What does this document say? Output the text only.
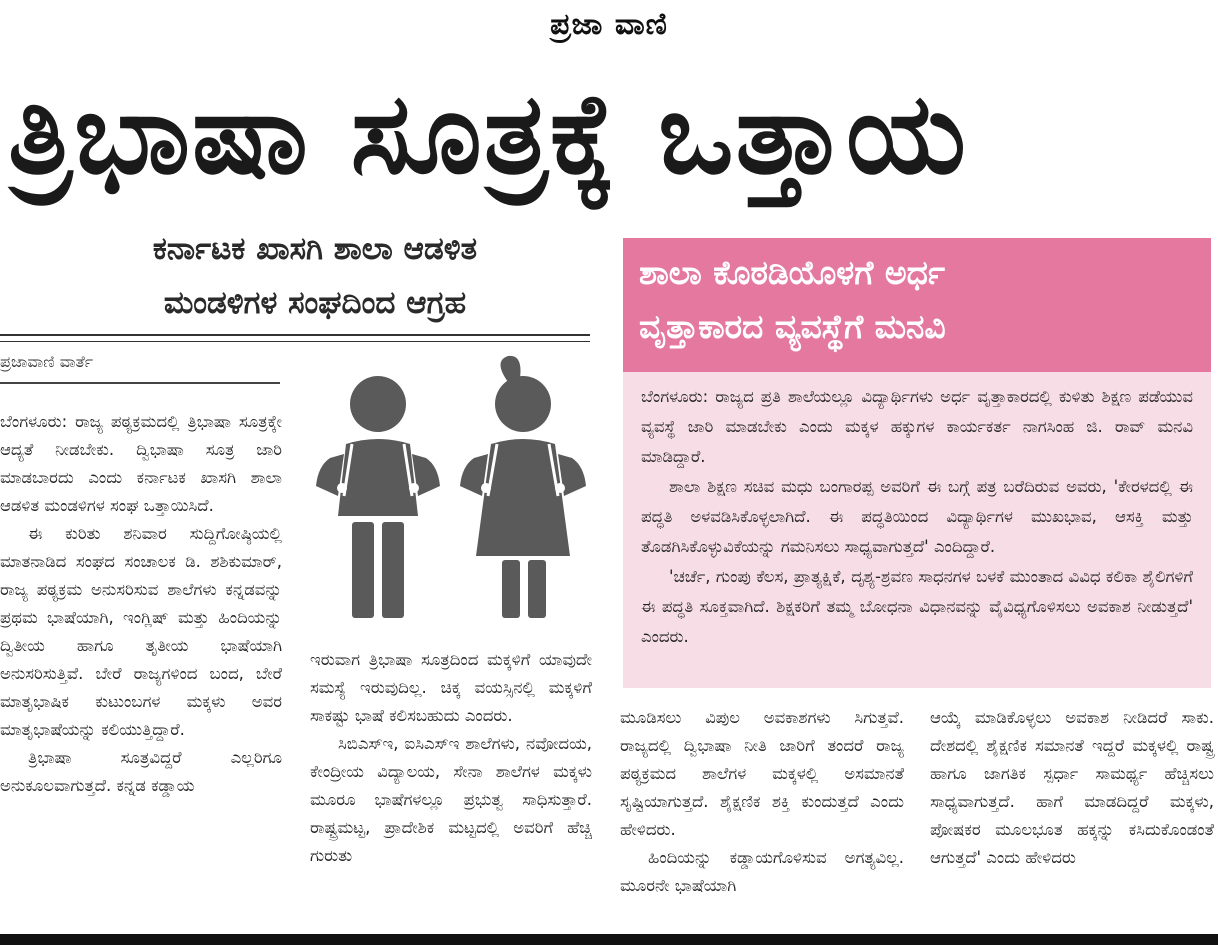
ಪ್ರಜಾ ವಾಣಿ
ತ್ರಿಭಾಷಾ ಸೂತ್ರಕ್ಕೆ ಒತ್ತಾಯ
ಕರ್ನಾಟಕ ಖಾಸಗಿ ಶಾಲಾ ಆಡಳಿತ
ಮಂಡಳಿಗಳ ಸಂಘದಿಂದ ಆಗ್ರಹ
ಪ್ರಜಾವಾಣಿ ವಾರ್ತೆ

ಬೆಂಗಳೂರು: ರಾಜ್ಯ ಪಠ್ಯಕ್ರಮದಲ್ಲಿ ತ್ರಿಭಾಷಾ ಸೂತ್ರಕ್ಕೇ ಆದ್ಯತೆ ನೀಡಬೇಕು. ದ್ವಿಭಾಷಾ ಸೂತ್ರ ಜಾರಿ ಮಾಡಬಾರದು ಎಂದು ಕರ್ನಾಟಕ ಖಾಸಗಿ ಶಾಲಾ ಆಡಳಿತ ಮಂಡಳಿಗಳ ಸಂಘ ಒತ್ತಾಯಿಸಿದೆ.

ಈ ಕುರಿತು ಶನಿವಾರ ಸುದ್ದಿಗೋಷ್ಠಿಯಲ್ಲಿ ಮಾತನಾಡಿದ ಸಂಘದ ಸಂಚಾಲಕ ಡಿ. ಶಶಿಕುಮಾರ್, ರಾಜ್ಯ ಪಠ್ಯಕ್ರಮ ಅನುಸರಿಸುವ ಶಾಲೆಗಳು ಕನ್ನಡವನ್ನು ಪ್ರಥಮ ಭಾಷೆಯಾಗಿ, ಇಂಗ್ಲಿಷ್ ಮತ್ತು ಹಿಂದಿಯನ್ನು ದ್ವಿತೀಯ ಹಾಗೂ ತೃತೀಯ ಭಾಷೆಯಾಗಿ ಅನುಸರಿಸುತ್ತಿವೆ. ಬೇರೆ ರಾಜ್ಯಗಳಿಂದ ಬಂದ, ಬೇರೆ ಮಾತೃಭಾಷಿಕ ಕುಟುಂಬಗಳ ಮಕ್ಕಳು ಅವರ ಮಾತೃಭಾಷೆಯನ್ನು ಕಲಿಯುತ್ತಿದ್ದಾರೆ.

ತ್ರಿಭಾಷಾ ಸೂತ್ರವಿದ್ದರೆ ಎಲ್ಲರಿಗೂ ಅನುಕೂಲವಾಗುತ್ತದೆ. ಕನ್ನಡ ಕಡ್ಡಾಯ

ಇರುವಾಗ ತ್ರಿಭಾಷಾ ಸೂತ್ರದಿಂದ ಮಕ್ಕಳಿಗೆ ಯಾವುದೇ ಸಮಸ್ಯೆ ಇರುವುದಿಲ್ಲ. ಚಿಕ್ಕ ವಯಸ್ಸಿನಲ್ಲಿ ಮಕ್ಕಳಿಗೆ ಸಾಕಷ್ಟು ಭಾಷೆ ಕಲಿಸಬಹುದು ಎಂದರು.

ಸಿಬಿಎಸ್‌ಇ, ಐಸಿಎಸ್‌ಇ ಶಾಲೆಗಳು, ನವೋದಯ, ಕೇಂದ್ರೀಯ ವಿದ್ಯಾಲಯ, ಸೇನಾ ಶಾಲೆಗಳ ಮಕ್ಕಳು ಮೂರೂ ಭಾಷೆಗಳಲ್ಲೂ ಪ್ರಭುತ್ವ ಸಾಧಿಸುತ್ತಾರೆ. ರಾಷ್ಟ್ರಮಟ್ಟ, ಪ್ರಾದೇಶಿಕ ಮಟ್ಟದಲ್ಲಿ ಅವರಿಗೆ ಹೆಚ್ಚಿ ಗುರುತು

ಶಾಲಾ ಕೊಠಡಿಯೊಳಗೆ ಅರ್ಧ
ವೃತ್ತಾಕಾರದ ವ್ಯವಸ್ಥೆಗೆ ಮನವಿ

ಬೆಂಗಳೂರು: ರಾಜ್ಯದ ಪ್ರತಿ ಶಾಲೆಯಲ್ಲೂ ವಿದ್ಯಾರ್ಥಿಗಳು ಅರ್ಧ ವೃತ್ತಾಕಾರದಲ್ಲಿ ಕುಳಿತು ಶಿಕ್ಷಣ ಪಡೆಯುವ ವ್ಯವಸ್ಥೆ ಜಾರಿ ಮಾಡಬೇಕು ಎಂದು ಮಕ್ಕಳ ಹಕ್ಕುಗಳ ಕಾರ್ಯಕರ್ತ ನಾಗಸಿಂಹ ಜಿ. ರಾವ್ ಮನವಿ ಮಾಡಿದ್ದಾರೆ.

ಶಾಲಾ ಶಿಕ್ಷಣ ಸಚಿವ ಮಧು ಬಂಗಾರಪ್ಪ ಅವರಿಗೆ ಈ ಬಗ್ಗೆ ಪತ್ರ ಬರೆದಿರುವ ಅವರು, 'ಕೇರಳದಲ್ಲಿ ಈ ಪದ್ಧತಿ ಅಳವಡಿಸಿಕೊಳ್ಳಲಾಗಿದೆ. ಈ ಪದ್ಧತಿಯಿಂದ ವಿದ್ಯಾರ್ಥಿಗಳ ಮುಖಭಾವ, ಆಸಕ್ತಿ ಮತ್ತು ತೊಡಗಿಸಿಕೊಳ್ಳುವಿಕೆಯನ್ನು ಗಮನಿಸಲು ಸಾಧ್ಯವಾಗುತ್ತದೆ' ಎಂದಿದ್ದಾರೆ.

'ಚರ್ಚೆ, ಗುಂಪು ಕೆಲಸ, ಪ್ರಾತ್ಯಕ್ಷಿಕೆ, ದೃಶ್ಯ-ಶ್ರವಣ ಸಾಧನಗಳ ಬಳಕೆ ಮುಂತಾದ ವಿವಿಧ ಕಲಿಕಾ ಶೈಲಿಗಳಿಗೆ ಈ ಪದ್ಧತಿ ಸೂಕ್ತವಾಗಿದೆ. ಶಿಕ್ಷಕರಿಗೆ ತಮ್ಮ ಬೋಧನಾ ವಿಧಾನವನ್ನು ವೈವಿಧ್ಯಗೊಳಿಸಲು ಅವಕಾಶ ನೀಡುತ್ತದೆ' ಎಂದರು.

ಮೂಡಿಸಲು ವಿಪುಲ ಅವಕಾಶಗಳು ಸಿಗುತ್ತವೆ. ರಾಜ್ಯದಲ್ಲಿ ದ್ವಿಭಾಷಾ ನೀತಿ ಜಾರಿಗೆ ತಂದರೆ ರಾಜ್ಯ ಪಠ್ಯಕ್ರಮದ ಶಾಲೆಗಳ ಮಕ್ಕಳಲ್ಲಿ ಅಸಮಾನತೆ ಸೃಷ್ಟಿಯಾಗುತ್ತದೆ. ಶೈಕ್ಷಣಿಕ ಶಕ್ತಿ ಕುಂದುತ್ತದೆ ಎಂದು ಹೇಳಿದರು.

ಹಿಂದಿಯನ್ನು ಕಡ್ಡಾಯಗೊಳಿಸುವ ಅಗತ್ಯವಿಲ್ಲ. ಮೂರನೇ ಭಾಷೆಯಾಗಿ

ಆಯ್ಕೆ ಮಾಡಿಕೊಳ್ಳಲು ಅವಕಾಶ ನೀಡಿದರೆ ಸಾಕು. ದೇಶದಲ್ಲಿ ಶೈಕ್ಷಣಿಕ ಸಮಾನತೆ ಇದ್ದರೆ ಮಕ್ಕಳಲ್ಲಿ ರಾಷ್ಟ್ರ ಹಾಗೂ ಜಾಗತಿಕ ಸ್ಪರ್ಧಾ ಸಾಮರ್ಥ್ಯ ಹೆಚ್ಚಿಸಲು ಸಾಧ್ಯವಾಗುತ್ತದೆ. ಹಾಗೆ ಮಾಡದಿದ್ದರೆ ಮಕ್ಕಳು, ಪೋಷಕರ ಮೂಲಭೂತ ಹಕ್ಕನ್ನು ಕಸಿದುಕೊಂಡಂತೆ ಆಗುತ್ತದೆ' ಎಂದು ಹೇಳಿದರು
